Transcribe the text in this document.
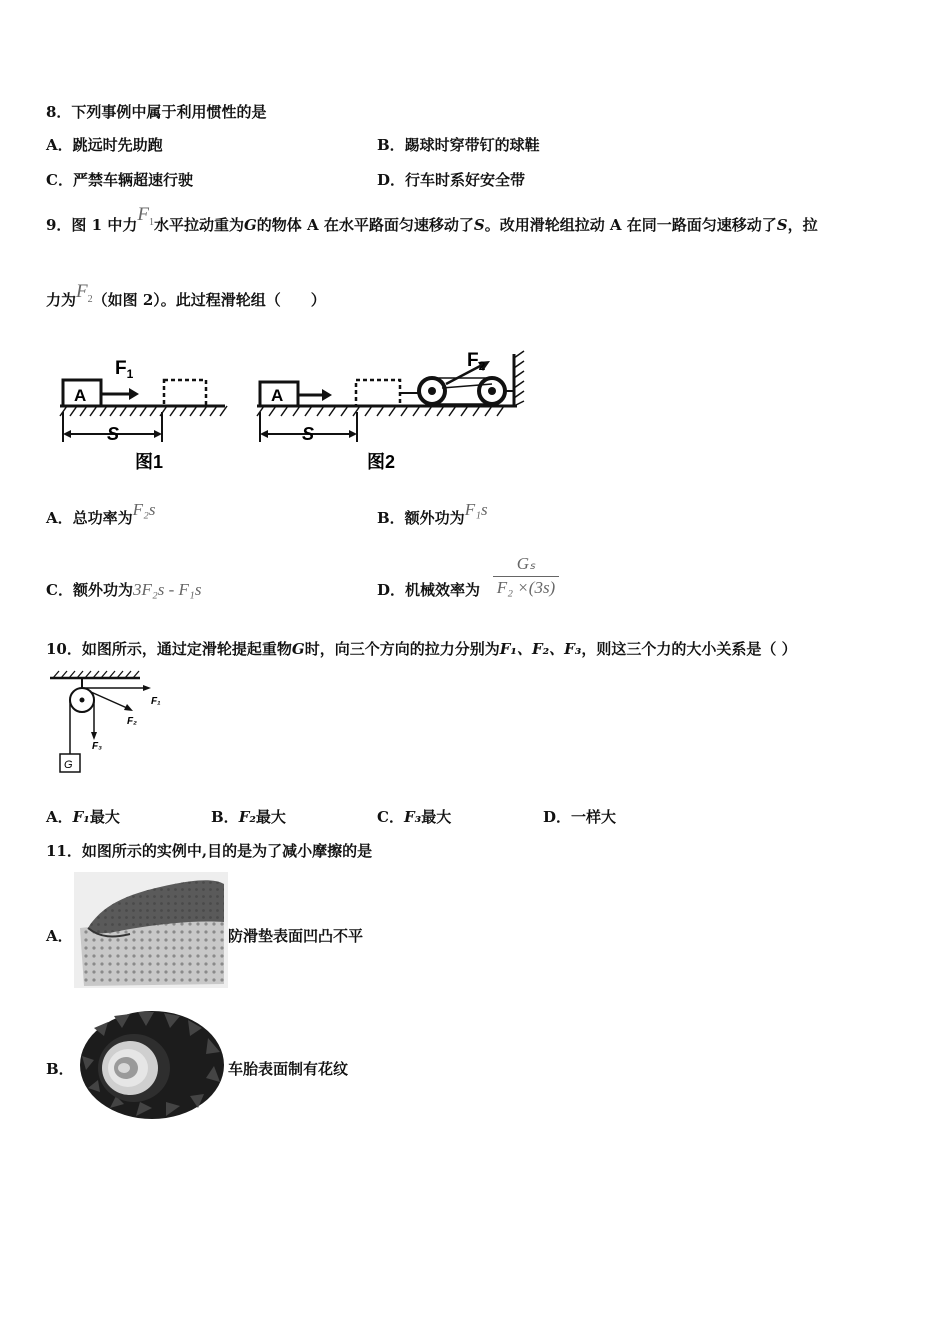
8．下列事例中属于利用惯性的是
A．跳远时先助跑	B．踢球时穿带钉的球鞋
C．严禁车辆超速行驶	D．行车时系好安全带
9．图 1 中力$F_1$水平拉动重为G的物体 A 在水平路面匀速移动了S。改用滑轮组拉动 A 在同一路面匀速移动了S，拉
力为$F_2$（如图 2）。此过程滑轮组（　　）
A
$F_1$
S
图1
A
$F_2$
S
图2
A．总功率为F₂s	B．额外功为F₁s
C．额外功为3F₂s - F₁s	D．机械效率为 $\frac{\text{Gₛ}}{\text{F₂ ×(3s)}}$
10．如图所示，通过定滑轮提起重物G时，向三个方向的拉力分别为F₁、F₂、F₃，则这三个力的大小关系是（ ）
G
F₁
F₂
F₃
A．F₁最大	B．F₂最大	C．F₃最大	D．一样大
11．如图所示的实例中,目的是为了减小摩擦的是
A．	防滑垫表面凹凸不平
B．	车胎表面制有花纹
